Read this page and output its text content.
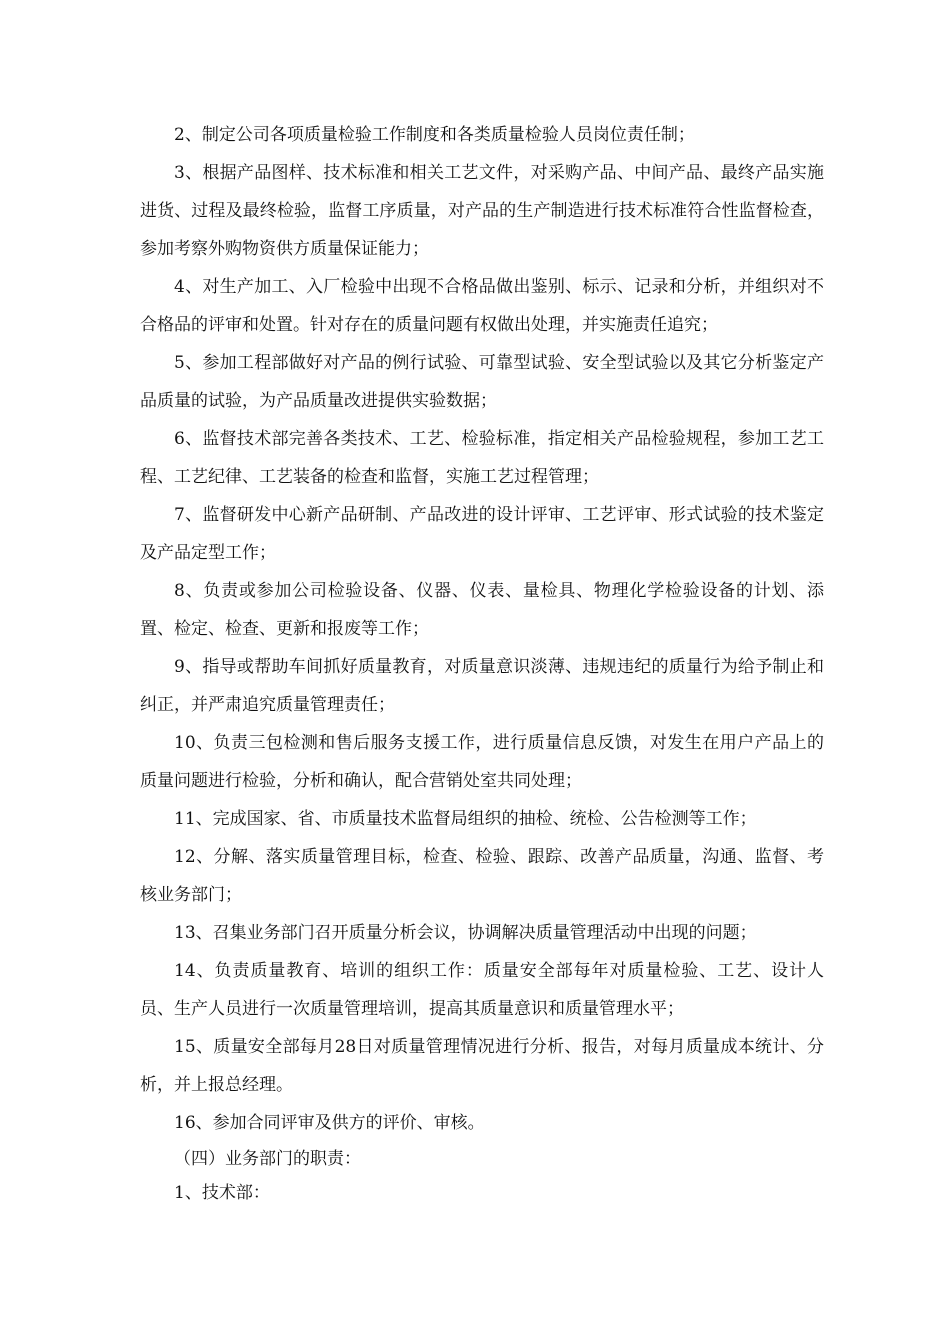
2、制定公司各项质量检验工作制度和各类质量检验人员岗位责任制；

3、根据产品图样、技术标准和相关工艺文件，对采购产品、中间产品、最终产品实施进货、过程及最终检验，监督工序质量，对产品的生产制造进行技术标准符合性监督检查，参加考察外购物资供方质量保证能力；

4、对生产加工、入厂检验中出现不合格品做出鉴别、标示、记录和分析，并组织对不合格品的评审和处置。针对存在的质量问题有权做出处理，并实施责任追究；

5、参加工程部做好对产品的例行试验、可靠型试验、安全型试验以及其它分析鉴定产品质量的试验，为产品质量改进提供实验数据；

6、监督技术部完善各类技术、工艺、检验标准，指定相关产品检验规程，参加工艺工程、工艺纪律、工艺装备的检查和监督，实施工艺过程管理；

7、监督研发中心新产品研制、产品改进的设计评审、工艺评审、形式试验的技术鉴定及产品定型工作；

8、负责或参加公司检验设备、仪器、仪表、量检具、物理化学检验设备的计划、添置、检定、检查、更新和报废等工作；

9、指导或帮助车间抓好质量教育，对质量意识淡薄、违规违纪的质量行为给予制止和纠正，并严肃追究质量管理责任；

10、负责三包检测和售后服务支援工作，进行质量信息反馈，对发生在用户产品上的质量问题进行检验，分析和确认，配合营销处室共同处理；

11、完成国家、省、市质量技术监督局组织的抽检、统检、公告检测等工作；

12、分解、落实质量管理目标，检查、检验、跟踪、改善产品质量，沟通、监督、考核业务部门；

13、召集业务部门召开质量分析会议，协调解决质量管理活动中出现的问题；

14、负责质量教育、培训的组织工作：质量安全部每年对质量检验、工艺、设计人员、生产人员进行一次质量管理培训，提高其质量意识和质量管理水平；

15、质量安全部每月28日对质量管理情况进行分析、报告，对每月质量成本统计、分析，并上报总经理。

16、参加合同评审及供方的评价、审核。

（四）业务部门的职责：

1、技术部：
